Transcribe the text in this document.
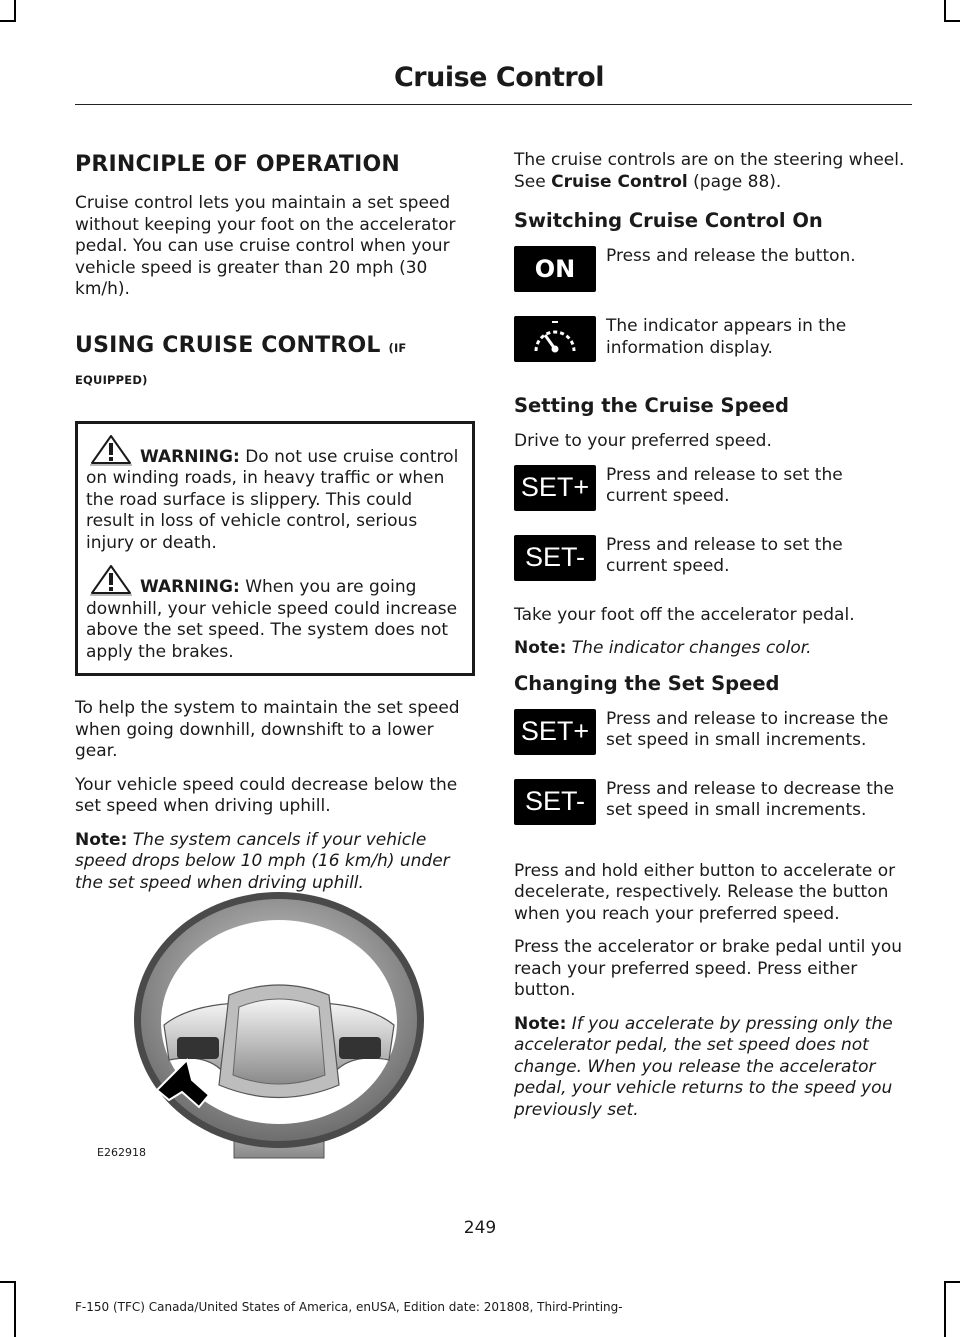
Cruise Control
PRINCIPLE OF OPERATION

Cruise control lets you maintain a set speed without keeping your foot on the accelerator pedal. You can use cruise control when your vehicle speed is greater than 20 mph (30 km/h).

USING CRUISE CONTROL (IF EQUIPPED)

WARNING: Do not use cruise control on winding roads, in heavy traffic or when the road surface is slippery. This could result in loss of vehicle control, serious injury or death.

WARNING: When you are going downhill, your vehicle speed could increase above the set speed. The system does not apply the brakes.

To help the system to maintain the set speed when going downhill, downshift to a lower gear.

Your vehicle speed could decrease below the set speed when driving uphill.

Note: The system cancels if your vehicle speed drops below 10 mph (16 km/h) under the set speed when driving uphill.

E262918

The cruise controls are on the steering wheel. See Cruise Control (page 88).

Switching Cruise Control On
ON	Press and release the button.
The indicator appears in the information display.
Setting the Cruise Speed

Drive to your preferred speed.

SET+ Press and release to set the current speed.
SET-	Press and release to set the current speed.

Take your foot off the accelerator pedal.

Note: The indicator changes color.

Changing the Set Speed
SET+ Press and release to increase the set speed in small increments.
SET-	Press and release to decrease the set speed in small increments.

Press and hold either button to accelerate or decelerate, respectively. Release the button when you reach your preferred speed.

Press the accelerator or brake pedal until you reach your preferred speed. Press either button.

Note: If you accelerate by pressing only the accelerator pedal, the set speed does not change. When you release the accelerator pedal, your vehicle returns to the speed you previously set.

249
F-150 (TFC) Canada/United States of America, enUSA, Edition date: 201808, Third-Printing-
